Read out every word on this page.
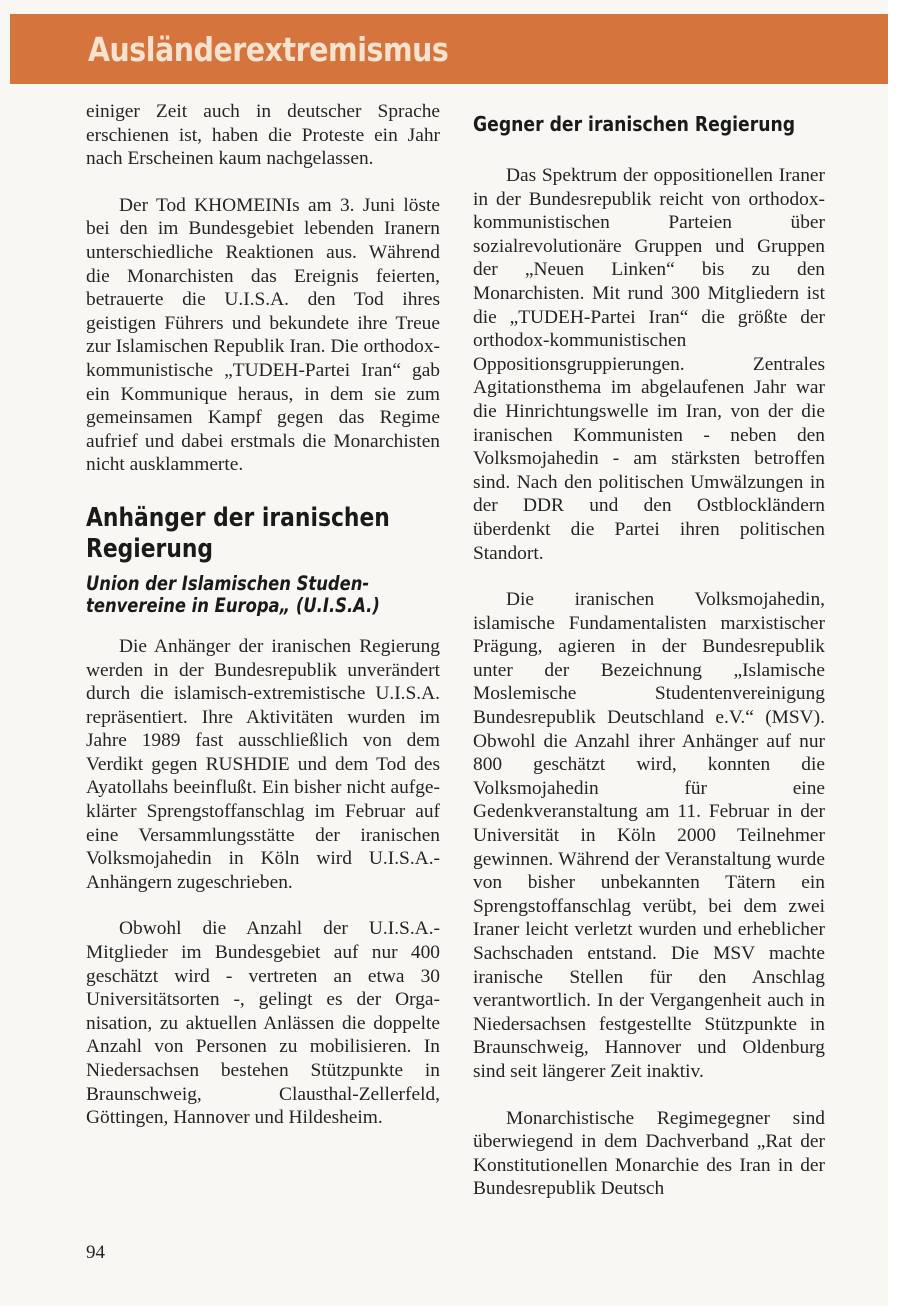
Ausländerextremismus

einiger Zeit auch in deutscher Sprache erschienen ist, haben die Proteste ein Jahr nach Erscheinen kaum nachgelassen.

Der Tod KHOMEINIs am 3. Juni löste bei den im Bundesgebiet lebenden Iranern unterschiedliche Reaktionen aus. Während die Monarchisten das Ereignis feierten, betrauerte die U.I.S.A. den Tod ihres geistigen Führers und bekundete ihre Treue zur Islamischen Republik Iran. Die orthodoxkommunistische „TUDEH-Partei Iran“ gab ein Kommunique heraus, in dem sie zum gemeinsamen Kampf gegen das Regime aufrief und dabei erstmals die Monarchisten nicht ausklammerte.

Anhänger der iranischen Regierung
Union der Islamischen Studentenvereine in Europa„ (U.I.S.A.)

Die Anhänger der iranischen Regierung werden in der Bundesrepublik unverändert durch die islamisch-extremistische U.I.S.A. repräsentiert. Ihre Aktivitäten wurden im Jahre 1989 fast ausschließlich von dem Verdikt gegen RUSHDIE und dem Tod des Ayatollahs beeinflußt. Ein bisher nicht aufgeklärter Sprengstoffanschlag im Februar auf eine Versammlungsstätte der iranischen Volksmojahedin in Köln wird U.I.S.A.-Anhängern zugeschrieben.

Obwohl die Anzahl der U.I.S.A.-Mitglieder im Bundesgebiet auf nur 400 geschätzt wird - vertreten an etwa 30 Universitätsorten -, gelingt es der Organisation, zu aktuellen Anlässen die doppelte Anzahl von Personen zu mobilisieren. In Niedersachsen bestehen Stützpunkte in Braunschweig, Clausthal-Zellerfeld, Göttingen, Hannover und Hildesheim.

Gegner der iranischen Regierung

Das Spektrum der oppositionellen Iraner in der Bundesrepublik reicht von orthodox-kommunistischen Parteien über sozialrevolutionäre Gruppen und Gruppen der „Neuen Linken“ bis zu den Monarchisten. Mit rund 300 Mitgliedern ist die „TUDEH-Partei Iran“ die größte der orthodox-kommunistischen Oppositionsgruppierungen. Zentrales Agitationsthema im abgelaufenen Jahr war die Hinrichtungswelle im Iran, von der die iranischen Kommunisten - neben den Volksmojahedin - am stärksten betroffen sind. Nach den politischen Umwälzungen in der DDR und den Ostblockländern überdenkt die Partei ihren politischen Standort.

Die iranischen Volksmojahedin, islamische Fundamentalisten marxistischer Prägung, agieren in der Bundesrepublik unter der Bezeichnung „Islamische Moslemische Studentenvereinigung Bundesrepublik Deutschland e.V.“ (MSV). Obwohl die Anzahl ihrer Anhänger auf nur 800 geschätzt wird, konnten die Volksmojahedin für eine Gedenkveranstaltung am 11. Februar in der Universität in Köln 2000 Teilnehmer gewinnen. Während der Veranstaltung wurde von bisher unbekannten Tätern ein Sprengstoffanschlag verübt, bei dem zwei Iraner leicht verletzt wurden und erheblicher Sachschaden entstand. Die MSV machte iranische Stellen für den Anschlag verantwortlich. In der Vergangenheit auch in Niedersachsen festgestellte Stützpunkte in Braunschweig, Hannover und Oldenburg sind seit längerer Zeit inaktiv.

Monarchistische Regimegegner sind überwiegend in dem Dachverband „Rat der Konstitutionellen Monarchie des Iran in der Bundesrepublik Deutsch

94
